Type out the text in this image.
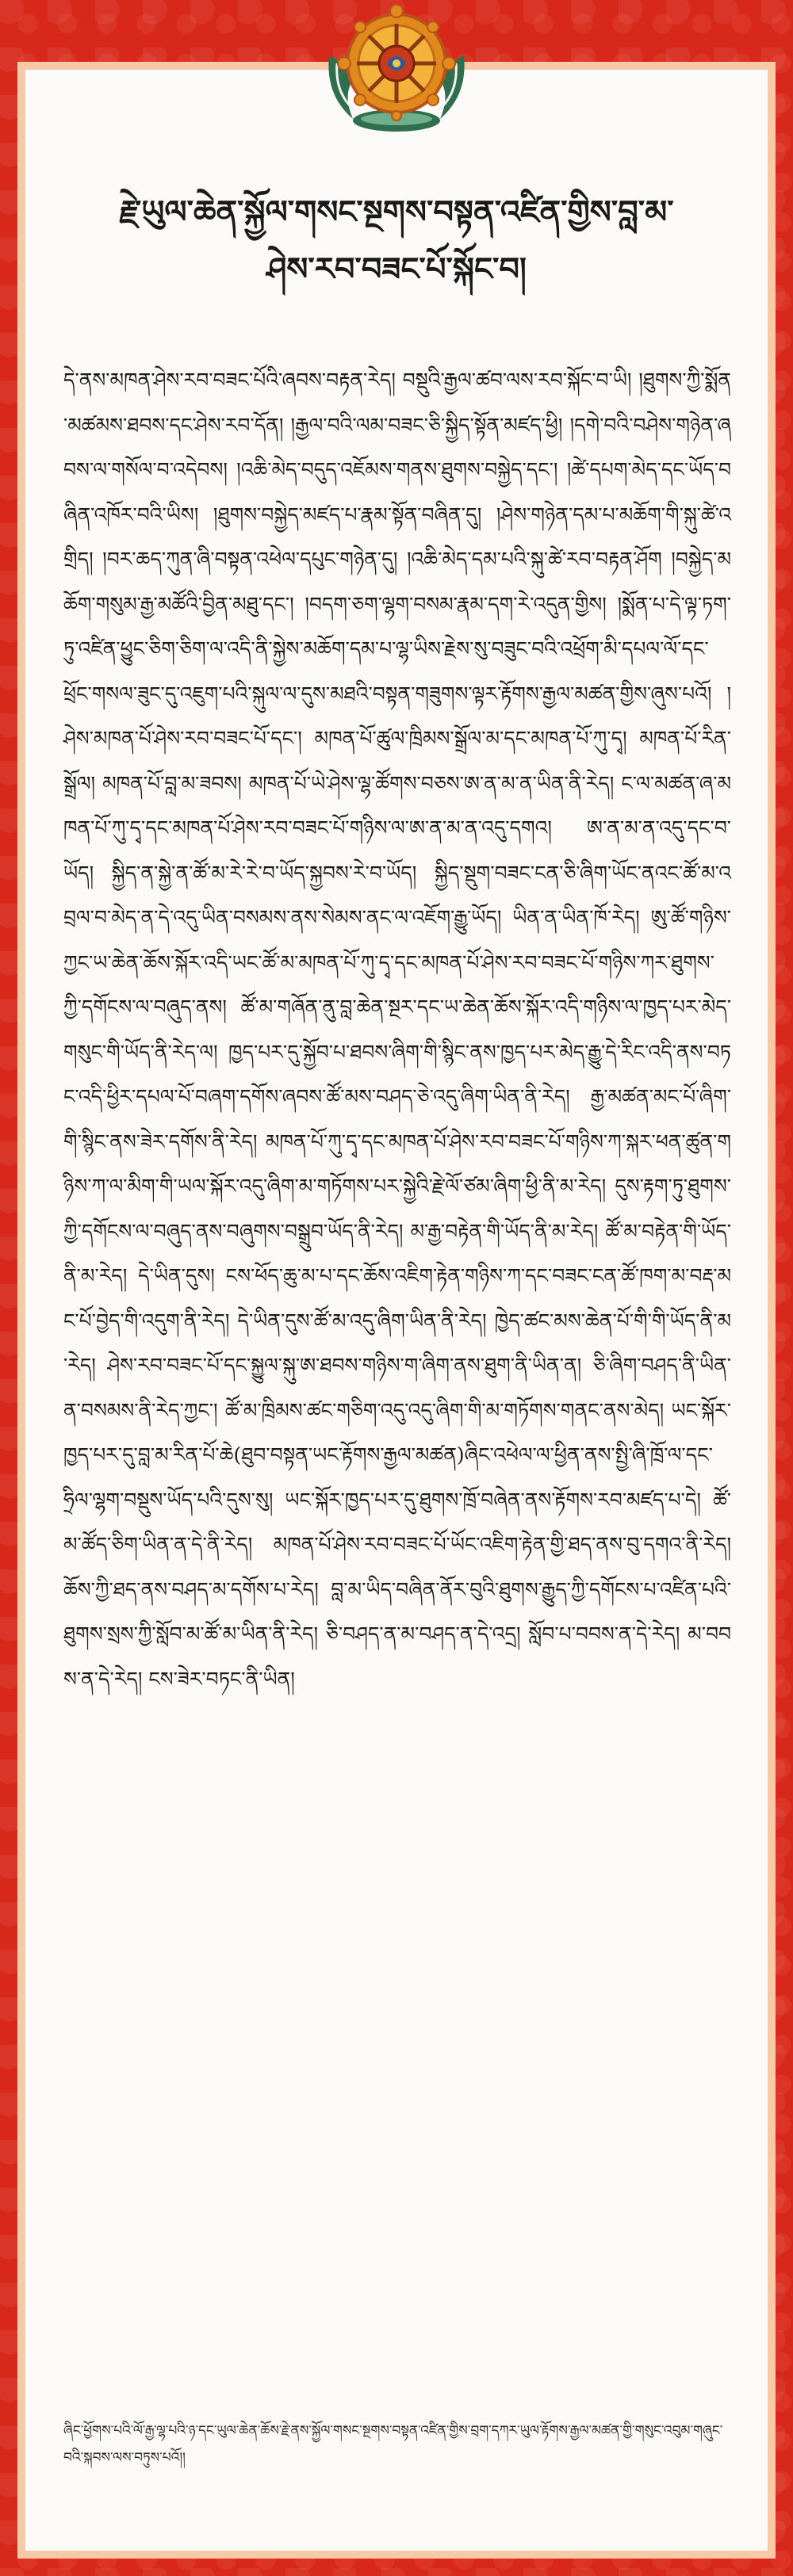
རྗེ་ཡུལ་ཆེན་སྐྱོལ་གསང་སྔགས་བསྟན་འཛིན་གྱིས་བླ་མ་
ཤེས་རབ་བཟང་པོ་སྐོང་བ།
དེ་ནས་མཁན་ཤེས་རབ་བཟང་པོའི་ཞབས་བརྟན་རེད། བསྡུའི་རྒྱལ་ཚབ་ལས་རབ་སྐོང་བ་ཡི། །ཐུགས་ཀྱི་སྨོན་མཚམས་ཐབས་དང་ཤེས་རབ་དོན། །རྒྱལ་བའི་ལམ་བཟང་ཅི་སྐྱིད་སྟོན་མཛད་ཕྱི། །དགེ་བའི་བཤེས་གཉེན་ཞབས་ལ་གསོལ་བ་འདེབས། །འཆི་མེད་བདུད་འཇོམས་གནས་ཐུགས་བསྐྱེད་དང་། །ཚེ་དཔག་མེད་དང་ཡོད་བཞིན་འཁོར་བའི་ཡིས། །ཐུགས་བསྐྱེད་མཛད་པ་རྣམ་སྟོན་བཞིན་དུ། །ཤེས་གཉེན་དམ་པ་མཆོག་གི་སྐུ་ཚེ་འགྲིད། །བར་ཆད་ཀུན་ཞི་བསྟན་འཕེལ་དཔུང་གཉེན་དུ། །འཆི་མེད་དམ་པའི་སྐུ་ཚེ་རབ་བརྟན་ཤོག །བསྐྱེད་མཆོག་གསུམ་རྒྱ་མཚོའི་བྱིན་མཐུ་དང་། །བདག་ཅག་ལྷག་བསམ་རྣམ་དག་རེ་འདུན་གྱིས། །སྨོན་པ་དེ་ལྟ་ཏག་ཏུ་འཛིན་ཕྱུང་ཅིག་ཅིག་ལ་འདི་ནི་སྐྱེས་མཆོག་དམ་པ་ལྷ་ཡིས་རྗེས་སུ་བཟུང་བའི་འཕྲོག་མི་དཔལ་ལོ་དང་ཕྲོང་གསལ་ཟུང་དུ་འཇུག་པའི་སྐུལ་ལ་དུས་མཐའི་བསྟན་གཟུགས་ལྟར་རྟོགས་རྒྱལ་མཚན་གྱིས་ཞུས་པའོ། །ཤེས་མཁན་པོ་ཤེས་རབ་བཟང་པོ་དང་། མཁན་པོ་ཚུལ་ཁྲིམས་སྒྲོལ་མ་དང་མཁན་པོ་ཀུ་དྭ། མཁན་པོ་རིན་སྒྲོལ། མཁན་པོ་བླ་མ་ཟབས། མཁན་པོ་ཡེ་ཤེས་ལྷ་ཚོགས་བཅས་ཨ་ན་མ་ན་ཡིན་ནི་རེད། ང་ལ་མཚན་ཞ་མཁན་པོ་ཀུ་དྭ་དང་མཁན་པོ་ཤེས་རབ་བཟང་པོ་གཉིས་ལ་ཨ་ན་མ་ན་འདུ་དགའ། ཨ་ན་མ་ན་འདུ་དང་བ་ཡོད། སྐྱིད་ན་སྐྱེ་ན་ཚོ་མ་རེ་རེ་བ་ཡོད་སྐྱབས་རེ་བ་ཡོད། སྐྱིད་སྡུག་བཟང་ངན་ཅི་ཞིག་ཡོང་ནའང་ཚོ་མ་འབྲལ་བ་མེད་ན་དེ་འདུ་ཡིན་བསམས་ནས་སེམས་ནང་ལ་འཇོག་རྒྱུ་ཡོད། ཡིན་ན་ཡིན་ཁོ་རེད། ཨུ་ཚོ་གཉིས་ཀྱང་ཡ་ཆེན་ཆོས་སྐོར་འདི་ཡང་ཚོ་མ་མཁན་པོ་ཀུ་དྭ་དང་མཁན་པོ་ཤེས་རབ་བཟང་པོ་གཉིས་ཀར་ཐུགས་ཀྱི་དགོངས་ལ་བཞུད་ནས། ཚོ་མ་གཞོན་ནུ་བླ་ཆེན་སྔར་དང་ཡ་ཆེན་ཆོས་སྐོར་འདི་གཉིས་ལ་ཁྱད་པར་མེད་གསུང་གི་ཡོད་ནི་རེད་ལ། ཁྱད་པར་དུ་སྐྱོབ་པ་ཐབས་ཞིག་གི་སྙིང་ནས་ཁྱད་པར་མེད་རྒྱུ་དེ་རིང་འདི་ནས་བཏང་འདི་ཕྱིར་དཔལ་པོ་བཞག་དགོས་ཞབས་ཚོ་མས་བཤད་ཅེ་འདུ་ཞིག་ཡིན་ནི་རེད། རྒྱ་མཚན་མང་པོ་ཞིག་གི་སྙིང་ནས་ཟེར་དགོས་ནི་རེད། མཁན་པོ་ཀུ་དྭ་དང་མཁན་པོ་ཤེས་རབ་བཟང་པོ་གཉིས་ཀ་སྐར་ཕན་ཚུན་གཉིས་ཀ་ལ་མིག་གི་ཡལ་སྐོར་འདུ་ཞིག་མ་གཏོགས་པར་སྐྱེའི་རྗེ་ལོ་ཙམ་ཞིག་ཕྱི་ནི་མ་རེད། དུས་རྟག་ཏུ་ཐུགས་ཀྱི་དགོངས་ལ་བཞུད་ནས་བཞུགས་བསྒྲུབ་ཡོད་ནི་རེད། མ་རྒྱ་བརྟེན་གི་ཡོད་ནི་མ་རེད། ཚོ་མ་བརྟེན་གི་ཡོད་ནི་མ་རེད། དེ་ཡིན་དུས། ངས་ཕོད་ཆུ་མ་པ་དང་ཆོས་འཇིག་རྟེན་གཉིས་ཀ་དང་བཟང་ངན་ཚོ་ཁག་མ་བརྡ་མང་པོ་བྱེད་གི་འདུག་ནི་རེད། དེ་ཡིན་དུས་ཚོ་མ་འདུ་ཞིག་ཡིན་ནི་རེད། ཁྱེད་ཚང་མས་ཆེན་པོ་གི་གི་ཡོད་ནི་མ་རེད། ཤེས་རབ་བཟང་པོ་དང་སྐྱུལ་སྐུ་ཨ་ཐབས་གཉིས་ག་ཞིག་ནས་ཐུག་ནི་ཡིན་ན། ཅི་ཞིག་བཤད་ནི་ཡིན་ན་བསམས་ནི་རེད་ཀྱང་། ཚོ་མ་ཁྲིམས་ཚང་གཅིག་འདུ་འདུ་ཞིག་གི་མ་གཏོགས་གནང་ནས་མེད། ཡང་སྐོར་ཁྱད་པར་དུ་བླ་མ་རིན་པོ་ཆེ(ཐུབ་བསྟན་ཡང་རྟོགས་རྒྱལ་མཚན)ཞིང་འཕེལ་ལ་ཕྱིན་ནས་སྤྱི་ཞི་ཁྲོ་ལ་དང་ཧྲིལ་ལྷག་བསྡུས་ཡོད་པའི་དུས་སུ། ཡང་སྐོར་ཁྱད་པར་དུ་ཐུགས་ཁྲོ་བཞེན་ནས་རྟོགས་རབ་མཛད་པ་དེ། ཚོ་མ་ཚོད་ཅིག་ཡིན་ན་དེ་ནི་རེད། མཁན་པོ་ཤེས་རབ་བཟང་པོ་ཡོང་འཇིག་རྟེན་གྱི་ཐད་ནས་བུ་དགའ་ནི་རེད། ཆོས་ཀྱི་ཐད་ནས་བཤད་མ་དགོས་པ་རེད། བླ་མ་ཡིད་བཞིན་ནོར་བུའི་ཐུགས་རྒྱུད་ཀྱི་དགོངས་པ་འཛིན་པའི་ཐུགས་སྲས་ཀྱི་སློབ་མ་ཚོ་མ་ཡིན་ནི་རེད། ཅི་བཤད་ན་མ་བཤད་ན་དེ་འདྲ། སློབ་པ་བབས་ན་དེ་རེད། མ་བབས་ན་དེ་རེད། ངས་ཟེར་བཏང་ནི་ཡིན།
ཞིང་ཕྱོགས་པའི་ལོ་རྒྱ་ལྷ་པའི་ཉ་དང་ཡུལ་ཆེན་ཆོས་རྗེ་ནས་སྐྱོལ་གསང་སྔགས་བསྟན་འཛིན་གྱིས་བྲག་དཀར་ཡུལ་རྟོགས་རྒྱལ་མཚན་གྱི་གསུང་འབུམ་གཞུང་བའི་སྐབས་ལས་བཏུས་པའོ།།
